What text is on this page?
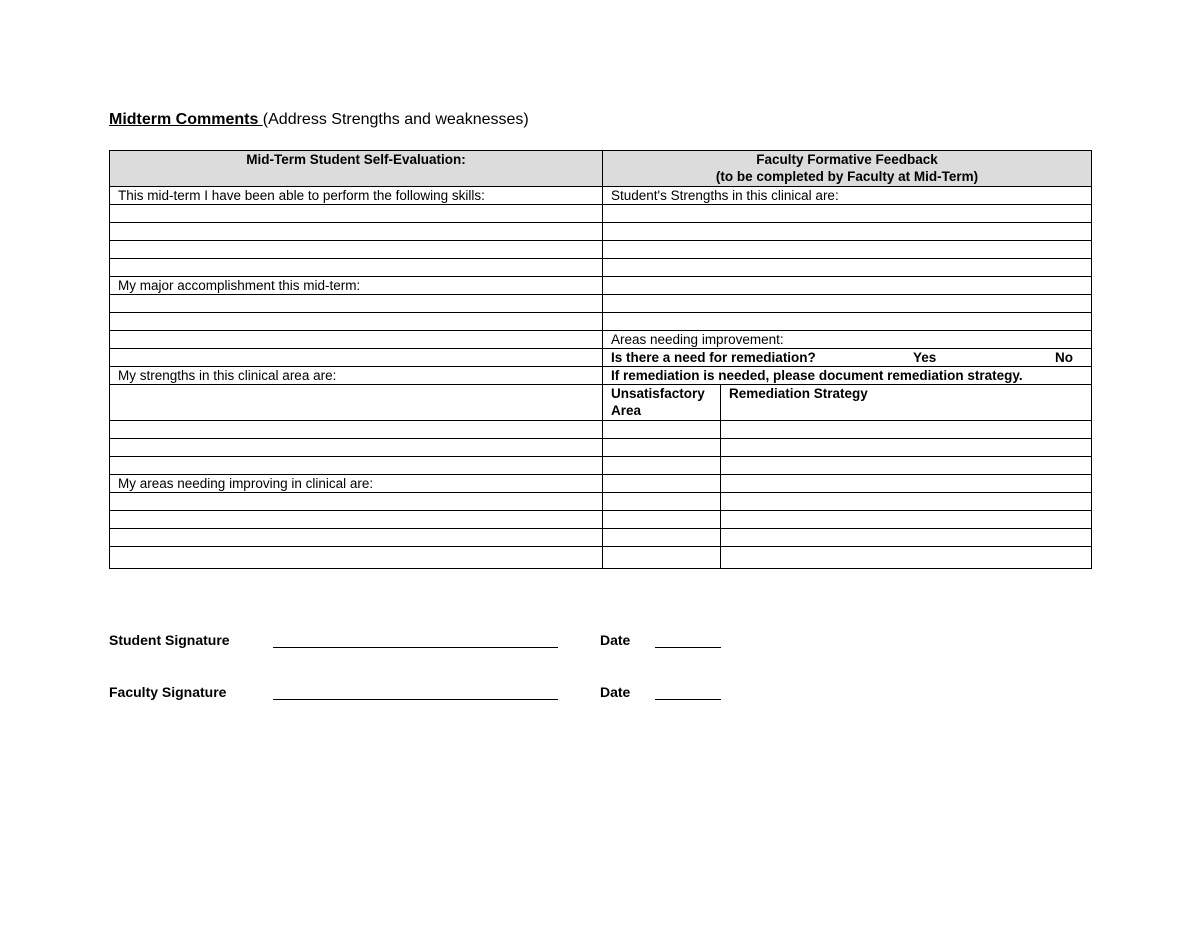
Midterm Comments (Address Strengths and weaknesses)
Mid-Term Student Self-Evaluation:	Faculty Formative Feedback
(to be completed by Faculty at Mid-Term)	

This mid-term I have been able to perform the following skills:	Student's Strengths in this clinical are:	

My major accomplishment this mid-term:		

	Areas needing improvement:	
	Is there a need for remediation? Yes No	

My strengths in this clinical area are:	If remediation is needed, please document remediation strategy.	
	Unsatisfactory Area	Remediation Strategy

My areas needing improving in clinical are:		

Student Signature	Date
Faculty Signature	Date
